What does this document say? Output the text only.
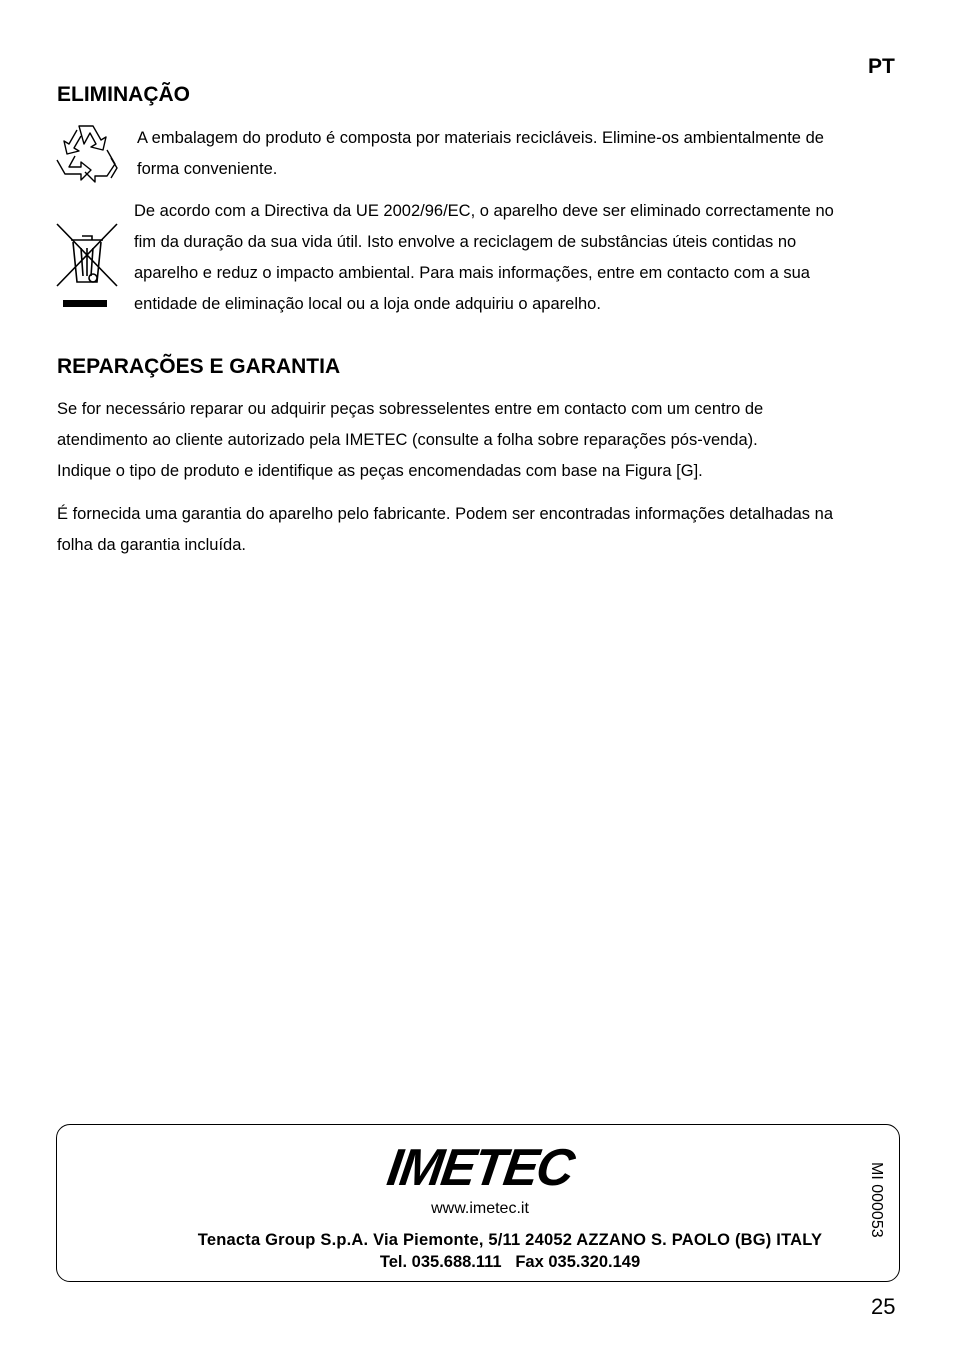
PT
ELIMINAÇÃO

A embalagem do produto é composta por materiais recicláveis. Elimine-os ambientalmente de

forma conveniente.

De acordo com a Directiva da UE 2002/96/EC, o aparelho deve ser eliminado correctamente no

fim da duração da sua vida útil. Isto envolve a reciclagem de substâncias úteis contidas no

aparelho e reduz o impacto ambiental. Para mais informações, entre em contacto com a sua

entidade de eliminação local ou a loja onde adquiriu o aparelho.

REPARAÇÕES E GARANTIA

Se for necessário reparar ou adquirir peças sobresselentes entre em contacto com um centro de

atendimento ao cliente autorizado pela IMETEC (consulte a folha sobre reparações pós-venda).

Indique o tipo de produto e identifique as peças encomendadas com base na Figura [G].

É fornecida uma garantia do aparelho pelo fabricante. Podem ser encontradas informações detalhadas na

folha da garantia incluída.

IMETEC
www.imetec.it
Tenacta Group S.p.A. Via Piemonte, 5/11 24052 AZZANO S. PAOLO (BG) ITALY
Tel. 035.688.111   Fax 035.320.149
MI 000053
25
